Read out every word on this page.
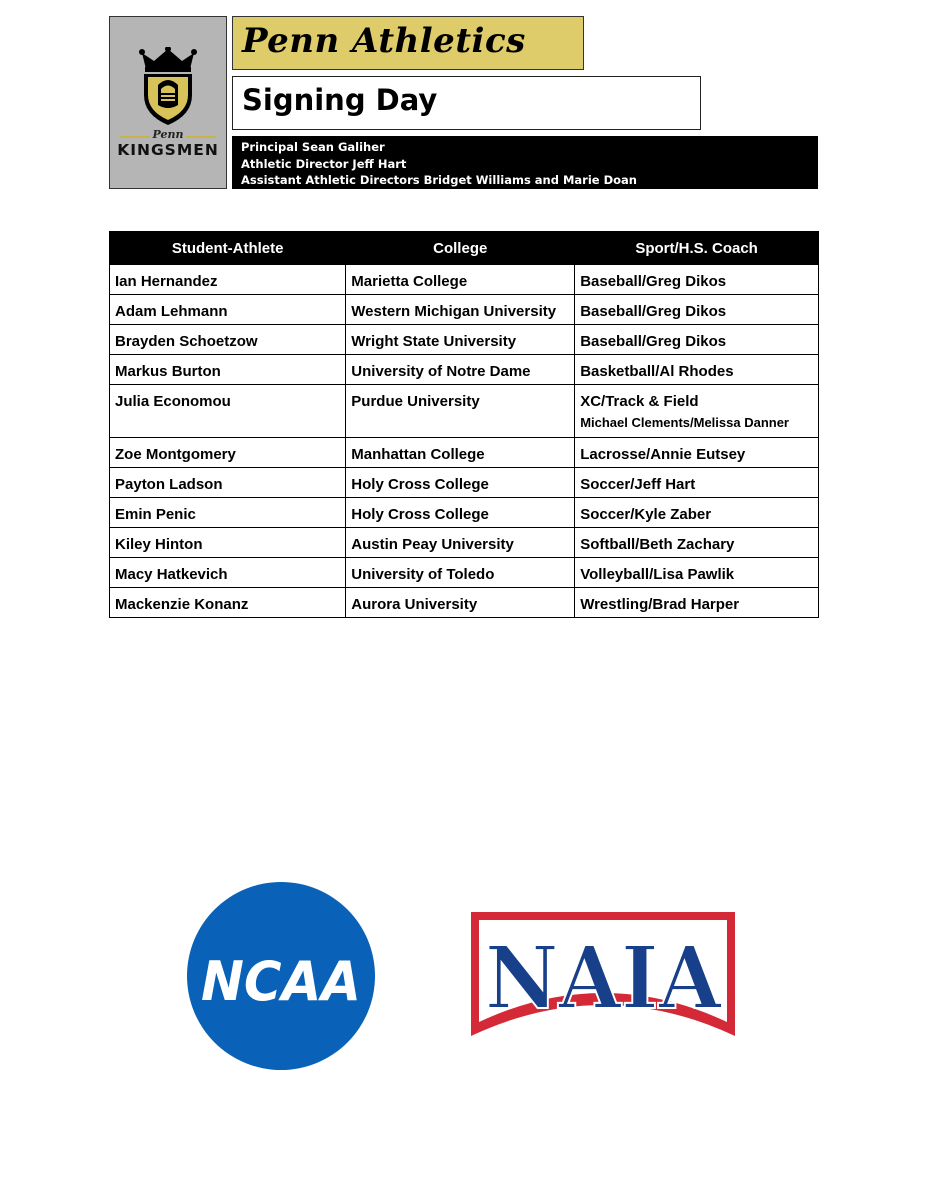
Penn
KINGSMEN
Penn Athletics
Signing Day
Principal Sean Galiher
Athletic Director Jeff Hart
Assistant Athletic Directors Bridget Williams and Marie Doan
Student-Athlete	College	Sport/H.S. Coach
Ian Hernandez	Marietta College	Baseball/Greg Dikos
Adam Lehmann	Western Michigan University	Baseball/Greg Dikos
Brayden Schoetzow	Wright State University	Baseball/Greg Dikos
Markus Burton	University of Notre Dame	Basketball/Al Rhodes
Julia Economou	Purdue University	XC/Track & Field
Michael Clements/Melissa Danner

Zoe Montgomery	Manhattan College	Lacrosse/Annie Eutsey
Payton Ladson	Holy Cross College	Soccer/Jeff Hart
Emin Penic	Holy Cross College	Soccer/Kyle Zaber
Kiley Hinton	Austin Peay University	Softball/Beth Zachary
Macy Hatkevich	University of Toledo	Volleyball/Lisa Pawlik
Mackenzie Konanz	Aurora University	Wrestling/Brad Harper
NCAA NAIA
